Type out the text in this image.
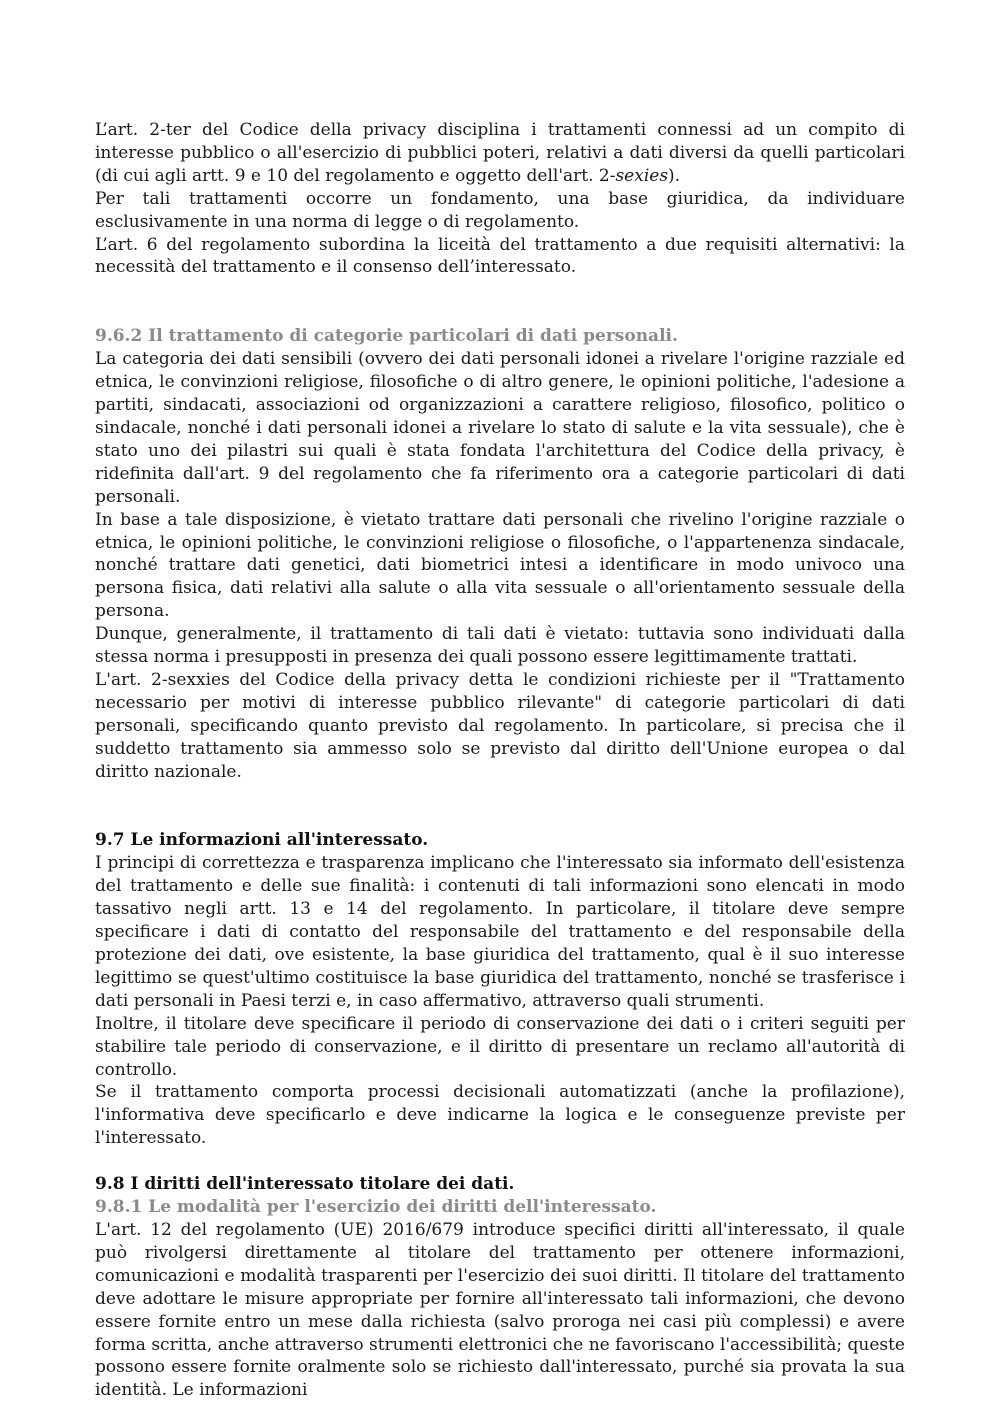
L’art. 2-ter del Codice della privacy disciplina i trattamenti connessi ad un compito di interesse pubblico o all'esercizio di pubblici poteri, relativi a dati diversi da quelli particolari (di cui agli artt. 9 e 10 del regolamento e oggetto dell'art. 2-sexies).

Per tali trattamenti occorre un fondamento, una base giuridica, da individuare esclusivamente in una norma di legge o di regolamento.

L’art. 6 del regolamento subordina la liceità del trattamento a due requisiti alternativi: la necessità del trattamento e il consenso dell’interessato.

9.6.2 Il trattamento di categorie particolari di dati personali.

La categoria dei dati sensibili (ovvero dei dati personali idonei a rivelare l'origine razziale ed etnica, le convinzioni religiose, filosofiche o di altro genere, le opinioni politiche, l'adesione a partiti, sindacati, associazioni od organizzazioni a carattere religioso, filosofico, politico o sindacale, nonché i dati personali idonei a rivelare lo stato di salute e la vita sessuale), che è stato uno dei pilastri sui quali è stata fondata l'architettura del Codice della privacy, è ridefinita dall'art. 9 del regolamento che fa riferimento ora a categorie particolari di dati personali.

In base a tale disposizione, è vietato trattare dati personali che rivelino l'origine razziale o etnica, le opinioni politiche, le convinzioni religiose o filosofiche, o l'appartenenza sindacale, nonché trattare dati genetici, dati biometrici intesi a identificare in modo univoco una persona fisica, dati relativi alla salute o alla vita sessuale o all'orientamento sessuale della persona.

Dunque, generalmente, il trattamento di tali dati è vietato: tuttavia sono individuati dalla stessa norma i presupposti in presenza dei quali possono essere legittimamente trattati.

L'art. 2-sexxies del Codice della privacy detta le condizioni richieste per il "Trattamento necessario per motivi di interesse pubblico rilevante" di categorie particolari di dati personali, specificando quanto previsto dal regolamento. In particolare, si precisa che il suddetto trattamento sia ammesso solo se previsto dal diritto dell'Unione europea o dal diritto nazionale.

9.7 Le informazioni all'interessato.

I principi di correttezza e trasparenza implicano che l'interessato sia informato dell'esistenza del trattamento e delle sue finalità: i contenuti di tali informazioni sono elencati in modo tassativo negli artt. 13 e 14 del regolamento. In particolare, il titolare deve sempre specificare i dati di contatto del responsabile del trattamento e del responsabile della protezione dei dati, ove esistente, la base giuridica del trattamento, qual è il suo interesse legittimo se quest'ultimo costituisce la base giuridica del trattamento, nonché se trasferisce i dati personali in Paesi terzi e, in caso affermativo, attraverso quali strumenti.

Inoltre, il titolare deve specificare il periodo di conservazione dei dati o i criteri seguiti per stabilire tale periodo di conservazione, e il diritto di presentare un reclamo all'autorità di controllo.

Se il trattamento comporta processi decisionali automatizzati (anche la profilazione), l'informativa deve specificarlo e deve indicarne la logica e le conseguenze previste per l'interessato.

9.8 I diritti dell'interessato titolare dei dati.

9.8.1 Le modalità per l'esercizio dei diritti dell'interessato.

L'art. 12 del regolamento (UE) 2016/679 introduce specifici diritti all'interessato, il quale può rivolgersi direttamente al titolare del trattamento per ottenere informazioni, comunicazioni e modalità trasparenti per l'esercizio dei suoi diritti. Il titolare del trattamento deve adottare le misure appropriate per fornire all'interessato tali informazioni, che devono essere fornite entro un mese dalla richiesta (salvo proroga nei casi più complessi) e avere forma scritta, anche attraverso strumenti elettronici che ne favoriscano l'accessibilità; queste possono essere fornite oralmente solo se richiesto dall'interessato, purché sia provata la sua identità. Le informazioni
